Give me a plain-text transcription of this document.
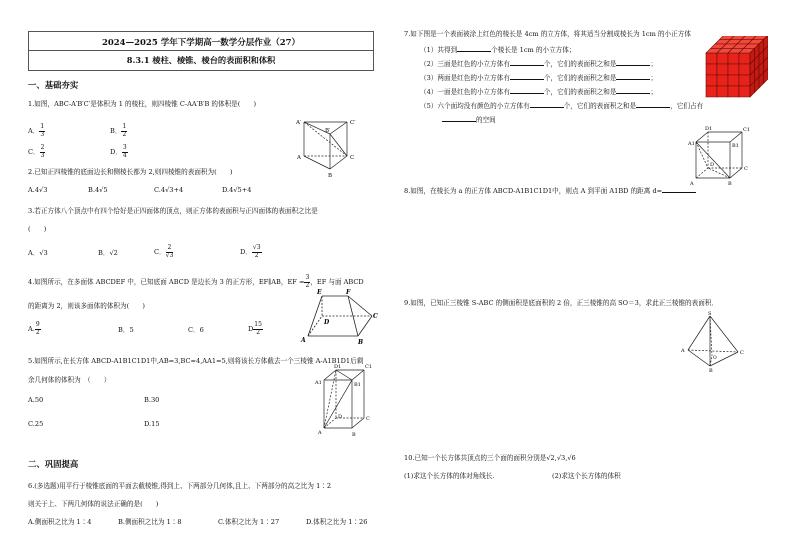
2024—2025 学年下学期高一数学分层作业（27）
8.3.1 棱柱、棱锥、棱台的表面积和体积
一、基础夯实
1.如图，ABC-A′B′C′是体积为 1 的棱柱，则四棱锥 C-AA′B′B 的体积是(　　)
A． $\frac{1}{3}$	B． $\frac{1}{2}$
C． $\frac{2}{3}$	D． $\frac{3}{4}$
A′
B′
C′
A
B
C
2.已知正四棱锥的底面边长和侧棱长都为 2,则四棱锥的表面积为(　　)
A.4√3	B.4√5	C.4√3+4	D.4√5+4
3.若正方体八个顶点中有四个恰好是正四面体的顶点，则正方体的表面积与正四面体的表面积之比是
(　　)
A．√3	B．√2	C． $\frac{2}{√3}$	D． $\frac{√3}{2}$
4.如图所示，在多面体 ABCDEF 中，已知底面 ABCD 是边长为 3 的正方形，EF∥AB，EF = $\frac{3}{2}$ ，EF 与面 ABCD
的距离为 2，则该多面体的体积为(　　)
A. $\frac{9}{2}$	B．5	C．6	D $\frac{15}{2}$
E	F
A	B
C
D
5.如图所示,在长方体 ABCD-A1B1C1D1中,AB=3,BC=4,AA1=5,则将该长方体截去一个三棱锥 A-A1B1D1后剩
余几何体的体积为　（　　）
A.50	B.30
C.25	D.15
D1	C1
A1	B1
D	C
A	B
二、巩固提高
6.(多选题)用平行于棱锥底面的平面去截棱锥,得到上、下两部分几何体,且上、下两部分的高之比为 1∶2
则关于上、下两几何体的说法正确的是(　　)
A.侧面积之比为 1∶4	B.侧面积之比为 1∶8	C.体积之比为 1∶27	D.体积之比为 1∶26
7.如下图是一个表面被涂上红色的棱长是 4cm 的立方体，将其适当分割成棱长为 1cm 的小正方体
（1）共得到	个棱长是 1cm 的小立方体；
（2）三面是红色的小立方体有	个，它们的表面积之和是	；
（3）两面是红色的小立方体有	个，它们的表面积之和是	；
（4）一面是红色的小立方体有	个，它们的表面积之和是	；
（5）六个面均没有颜色的小立方体有	个，它们的表面积之和是	，它们占有
的空间
D1	C1
A1	B1
D
C
A	B
8.如图，在棱长为 a 的正方体 ABCD-A1B1C1D1中，则点 A 到平面 A1BD 的距离 d=
9.如图，已知正三棱锥 S-ABC 的侧面积是底面积的 2 倍，正三棱锥的高 SO＝3，求此正三棱锥的表面积．
S
A
B
C
O
10.已知一个长方体共顶点的三个面的面积分别是√2,√3,√6
(1)求这个长方体的体对角线长.	(2)求这个长方体的体积
